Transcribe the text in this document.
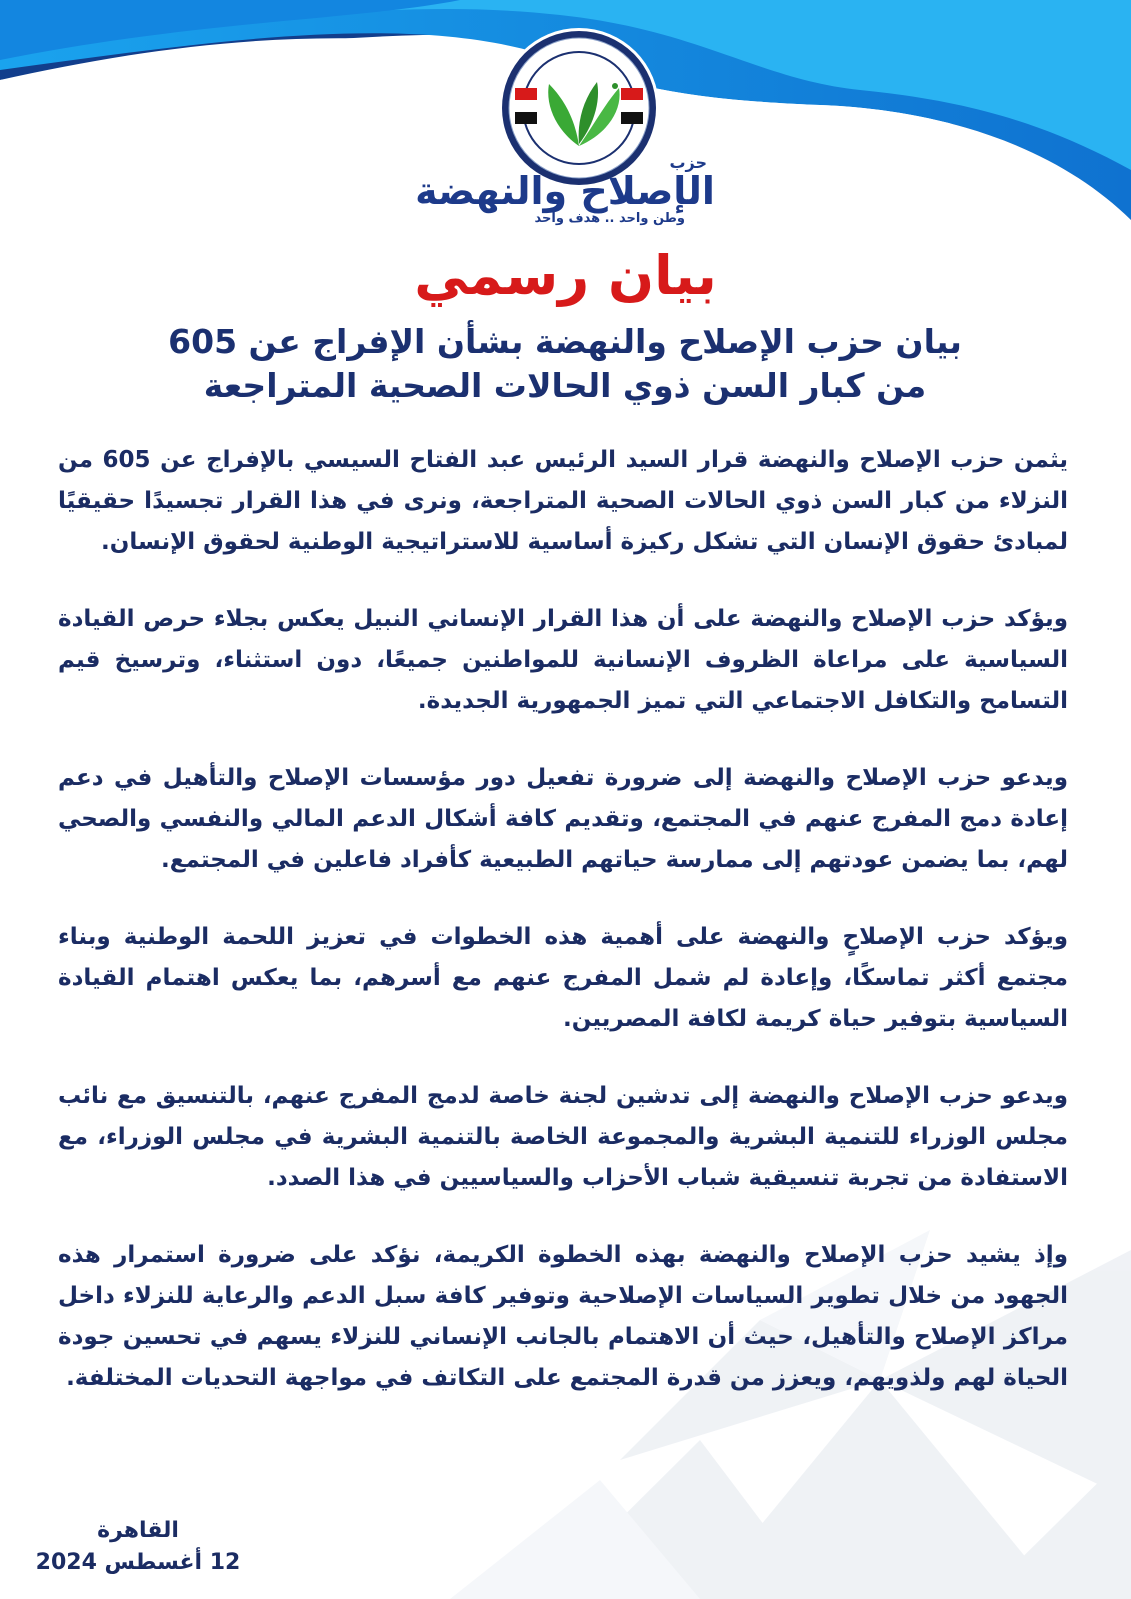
حزب
الإصلاح والنهضة
وطن واحد .. هدف واحد
بيان رسمي
بيان حزب الإصلاح والنهضة بشأن الإفراج عن 605 من كبار السن ذوي الحالات الصحية المتراجعة

يثمن حزب الإصلاح والنهضة قرار السيد الرئيس عبد الفتاح السيسي بالإفراج عن 605 من النزلاء من كبار السن ذوي الحالات الصحية المتراجعة، ونرى في هذا القرار تجسيدًا حقيقيًا لمبادئ حقوق الإنسان التي تشكل ركيزة أساسية للاستراتيجية الوطنية لحقوق الإنسان.

ويؤكد حزب الإصلاح والنهضة على أن هذا القرار الإنساني النبيل يعكس بجلاء حرص القيادة السياسية على مراعاة الظروف الإنسانية للمواطنين جميعًا، دون استثناء، وترسيخ قيم التسامح والتكافل الاجتماعي التي تميز الجمهورية الجديدة.

ويدعو حزب الإصلاح والنهضة إلى ضرورة تفعيل دور مؤسسات الإصلاح والتأهيل في دعم إعادة دمج المفرج عنهم في المجتمع، وتقديم كافة أشكال الدعم المالي والنفسي والصحي لهم، بما يضمن عودتهم إلى ممارسة حياتهم الطبيعية كأفراد فاعلين في المجتمع.

ويؤكد حزب الإصلاحٍ والنهضة على أهمية هذه الخطوات في تعزيز اللحمة الوطنية وبناء مجتمع أكثر تماسكًا، وإعادة لم شمل المفرج عنهم مع أسرهم، بما يعكس اهتمام القيادة السياسية بتوفير حياة كريمة لكافة المصريين.

ويدعو حزب الإصلاح والنهضة إلى تدشين لجنة خاصة لدمج المفرج عنهم، بالتنسيق مع نائب مجلس الوزراء للتنمية البشرية والمجموعة الخاصة بالتنمية البشرية في مجلس الوزراء، مع الاستفادة من تجربة تنسيقية شباب الأحزاب والسياسيين في هذا الصدد.

وإذ يشيد حزب الإصلاح والنهضة بهذه الخطوة الكريمة، نؤكد على ضرورة استمرار هذه الجهود من خلال تطوير السياسات الإصلاحية وتوفير كافة سبل الدعم والرعاية للنزلاء داخل مراكز الإصلاح والتأهيل، حيث أن الاهتمام بالجانب الإنساني للنزلاء يسهم في تحسين جودة الحياة لهم ولذويهم، ويعزز من قدرة المجتمع على التكاتف في مواجهة التحديات المختلفة.

القاهرة
12 أغسطس 2024
